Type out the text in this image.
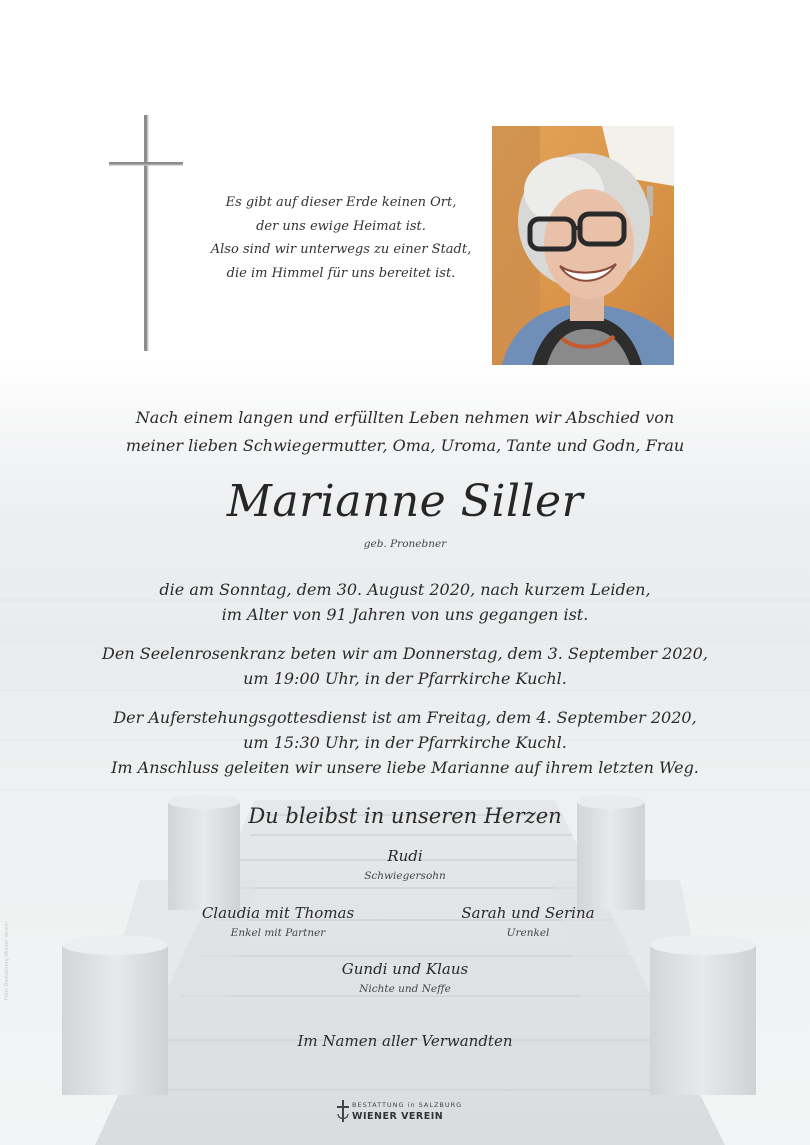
Es gibt auf dieser Erde keinen Ort,
der uns ewige Heimat ist.
Also sind wir unterwegs zu einer Stadt,
die im Himmel für uns bereitet ist.
Nach einem langen und erfüllten Leben nehmen wir Abschied von
meiner lieben Schwiegermutter, Oma, Uroma, Tante und Godn, Frau
Marianne Siller
geb. Pronebner
die am Sonntag, dem 30. August 2020, nach kurzem Leiden,
im Alter von 91 Jahren von uns gegangen ist.
Den Seelenrosenkranz beten wir am Donnerstag, dem 3. September 2020,
um 19:00 Uhr, in der Pfarrkirche Kuchl.
Der Auferstehungsgottesdienst ist am Freitag, dem 4. September 2020,
um 15:30 Uhr, in der Pfarrkirche Kuchl.
Im Anschluss geleiten wir unsere liebe Marianne auf ihrem letzten Weg.
Du bleibst in unseren Herzen
Rudi
Schwiegersohn
Claudia mit Thomas
Enkel mit Partner
Sarah und Serina
Urenkel
Gundi und Klaus
Nichte und Neffe
Im Namen aller Verwandten
BESTATTUNG in SALZBURG
WIENER VEREIN
Foto: Bestattung Wiener Verein
